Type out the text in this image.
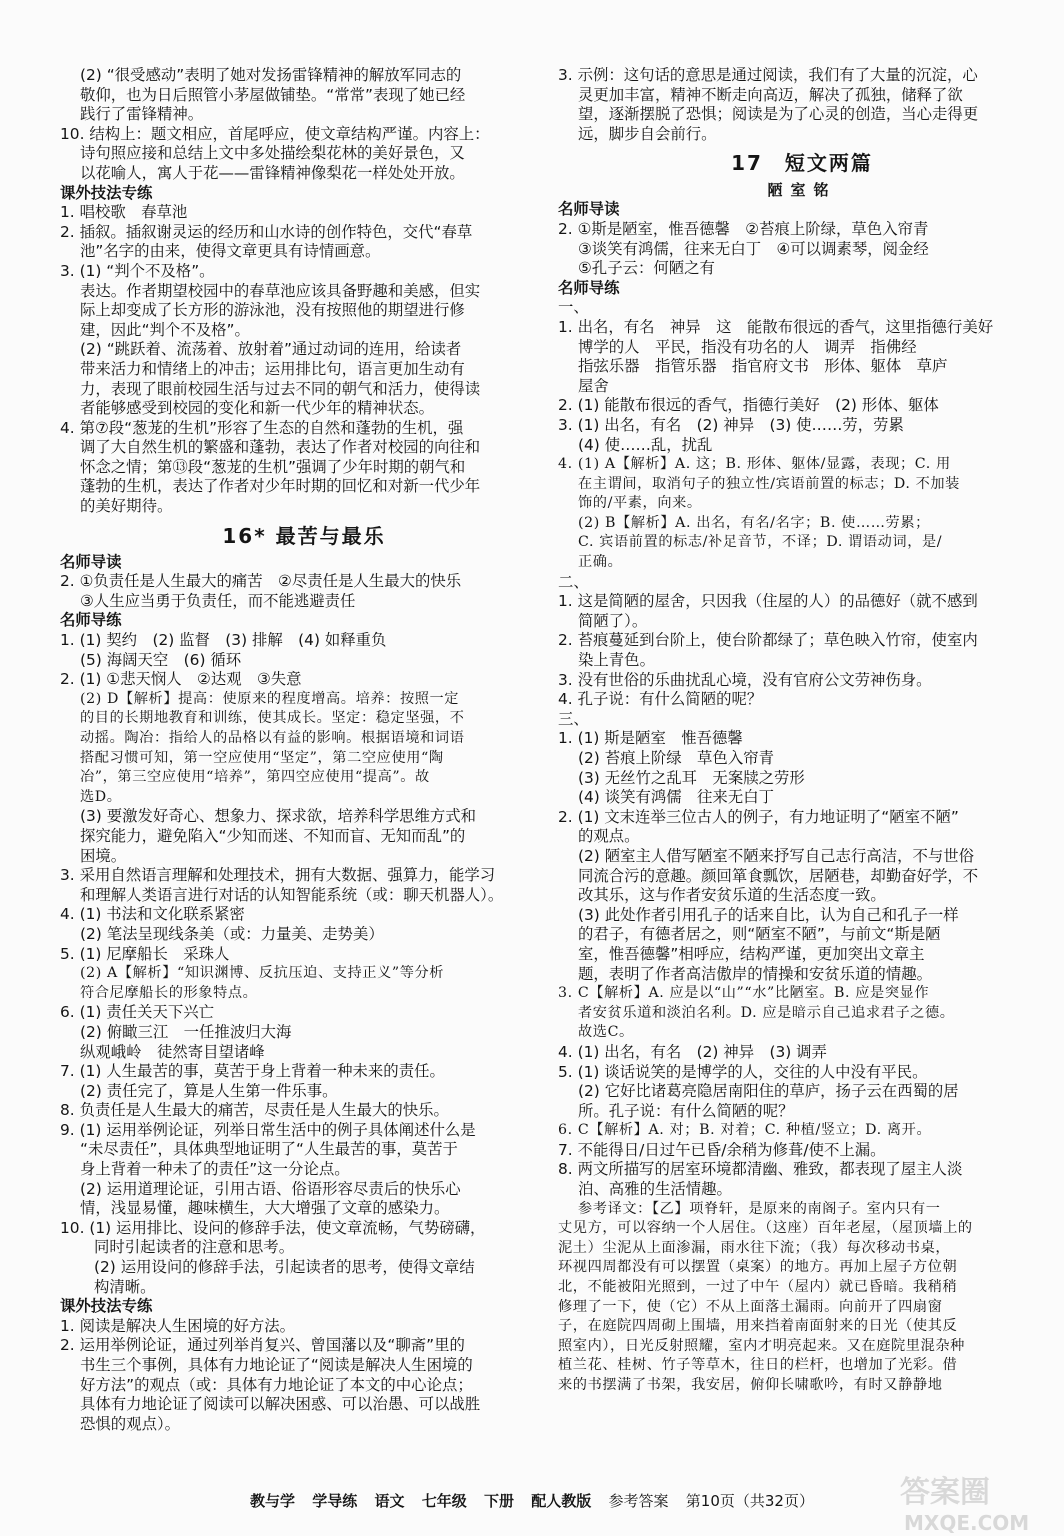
(2) “很受感动”表明了她对发扬雷锋精神的解放军同志的
敬仰，也为日后照管小茅屋做铺垫。“常常”表现了她已经
践行了雷锋精神。
10. 结构上：题文相应，首尾呼应，使文章结构严谨。内容上：
诗句照应接和总结上文中多处描绘梨花林的美好景色，又
以花喻人，寓人于花——雷锋精神像梨花一样处处开放。
课外技法专练
1. 唱校歌　春草池
2. 插叙。插叙谢灵运的经历和山水诗的创作特色，交代“春草
池”名字的由来，使得文章更具有诗情画意。
3. (1) “判个不及格”。
表达。作者期望校园中的春草池应该具备野趣和美感，但实
际上却变成了长方形的游泳池，没有按照他的期望进行修
建，因此“判个不及格”。
(2) “跳跃着、流荡着、放射着”通过动词的连用，给读者
带来活力和情绪上的冲击；运用排比句，语言更加生动有
力，表现了眼前校园生活与过去不同的朝气和活力，使得读
者能够感受到校园的变化和新一代少年的精神状态。
4. 第⑦段“葱茏的生机”形容了生态的自然和蓬勃的生机，强
调了大自然生机的繁盛和蓬勃，表达了作者对校园的向往和
怀念之情；第⑬段“葱茏的生机”强调了少年时期的朝气和
蓬勃的生机，表达了作者对少年时期的回忆和对新一代少年
的美好期待。
16* 最苦与最乐
名师导读
2. ①负责任是人生最大的痛苦　②尽责任是人生最大的快乐
③人生应当勇于负责任，而不能逃避责任
名师导练
1. (1) 契约　(2) 监督　(3) 排解　(4) 如释重负
(5) 海阔天空　(6) 循环
2. (1) ①悲天悯人　②达观　③失意
(2) D【解析】提高：使原来的程度增高。培养：按照一定
的目的长期地教育和训练，使其成长。坚定：稳定坚强，不
动摇。陶冶：指给人的品格以有益的影响。根据语境和词语
搭配习惯可知，第一空应使用“坚定”，第二空应使用“陶
冶”，第三空应使用“培养”，第四空应使用“提高”。故
选D。
(3) 要激发好奇心、想象力、探求欲，培养科学思维方式和
探究能力，避免陷入“少知而迷、不知而盲、无知而乱”的
困境。
3. 采用自然语言理解和处理技术，拥有大数据、强算力，能学习
和理解人类语言进行对话的认知智能系统（或：聊天机器人）。
4. (1) 书法和文化联系紧密
(2) 笔法呈现线条美（或：力量美、走势美）
5. (1) 尼摩船长　采珠人
(2) A【解析】“知识渊博、反抗压迫、支持正义”等分析
符合尼摩船长的形象特点。
6. (1) 责任关天下兴亡
(2) 俯瞰三江　一任推波归大海
纵观峨岭　徒然寄目望诸峰
7. (1) 人生最苦的事，莫苦于身上背着一种未来的责任。
(2) 责任完了，算是人生第一件乐事。
8. 负责任是人生最大的痛苦，尽责任是人生最大的快乐。
9. (1) 运用举例论证，列举日常生活中的例子具体阐述什么是
“未尽责任”，具体典型地证明了“人生最苦的事，莫苦于
身上背着一种未了的责任”这一分论点。
(2) 运用道理论证，引用古语、俗语形容尽责后的快乐心
情，浅显易懂，趣味横生，大大增强了文章的感染力。
10. (1) 运用排比、设问的修辞手法，使文章流畅，气势磅礴，
同时引起读者的注意和思考。
(2) 运用设问的修辞手法，引起读者的思考，使得文章结
构清晰。
课外技法专练
1. 阅读是解决人生困境的好方法。
2. 运用举例论证，通过列举肖复兴、曾国藩以及“聊斋”里的
书生三个事例，具体有力地论证了“阅读是解决人生困境的
好方法”的观点（或：具体有力地论证了本文的中心论点；
具体有力地论证了阅读可以解决困惑、可以治愚、可以战胜
恐惧的观点）。
3. 示例：这句话的意思是通过阅读，我们有了大量的沉淀，心
灵更加丰富，精神不断走向高迈，解决了孤独，储释了欲
望，逐渐摆脱了恐惧；阅读是为了心灵的创造，当心走得更
远，脚步自会前行。
17　短文两篇
陋室铭
名师导读
2. ①斯是陋室，惟吾德馨　②苔痕上阶绿，草色入帘青
③谈笑有鸿儒，往来无白丁　④可以调素琴，阅金经
⑤孔子云：何陋之有
名师导练
一、
1. 出名，有名　神异　这　能散布很远的香气，这里指德行美好
博学的人　平民，指没有功名的人　调弄　指佛经
指弦乐器　指管乐器　指官府文书　形体、躯体　草庐
屋舍
2. (1) 能散布很远的香气，指德行美好　(2) 形体、躯体
3. (1) 出名，有名　(2) 神异　(3) 使……劳，劳累
(4) 使……乱，扰乱
4. (1) A【解析】A. 这；B. 形体、躯体/显露，表现；C. 用
在主谓间，取消句子的独立性/宾语前置的标志；D. 不加装
饰的/平素，向来。
(2) B【解析】A. 出名，有名/名字；B. 使……劳累；
C. 宾语前置的标志/补足音节，不译；D. 谓语动词，是/
正确。
二、
1. 这是简陋的屋舍，只因我（住屋的人）的品德好（就不感到
简陋了）。
2. 苔痕蔓延到台阶上，使台阶都绿了；草色映入竹帘，使室内
染上青色。
3. 没有世俗的乐曲扰乱心境，没有官府公文劳神伤身。
4. 孔子说：有什么简陋的呢？
三、
1. (1) 斯是陋室　惟吾德馨
(2) 苔痕上阶绿　草色入帘青
(3) 无丝竹之乱耳　无案牍之劳形
(4) 谈笑有鸿儒　往来无白丁
2. (1) 文末连举三位古人的例子，有力地证明了“陋室不陋”
的观点。
(2) 陋室主人借写陋室不陋来抒写自己志行高洁，不与世俗
同流合污的意趣。颜回箪食瓢饮，居陋巷，却勤奋好学，不
改其乐，这与作者安贫乐道的生活态度一致。
(3) 此处作者引用孔子的话来自比，认为自己和孔子一样
的君子，有德者居之，则“陋室不陋”，与前文“斯是陋
室，惟吾德馨”相呼应，结构严谨，更加突出文章主
题，表明了作者高洁傲岸的情操和安贫乐道的情趣。
3. C【解析】A. 应是以“山”“水”比陋室。B. 应是突显作
者安贫乐道和淡泊名利。D. 应是暗示自己追求君子之德。
故选C。
4. (1) 出名，有名　(2) 神异　(3) 调弄
5. (1) 谈话说笑的是博学的人，交往的人中没有平民。
(2) 它好比诸葛亮隐居南阳住的草庐，扬子云在西蜀的居
所。孔子说：有什么简陋的呢？
6. C【解析】A. 对；B. 对着；C. 种植/竖立；D. 离开。
7. 不能得日/日过午已昏/余稍为修葺/使不上漏。
8. 两文所描写的居室环境都清幽、雅致，都表现了屋主人淡
泊、高雅的生活情趣。
参考译文：【乙】项脊轩，是原来的南阁子。室内只有一
丈见方，可以容纳一个人居住。（这座）百年老屋，（屋顶墙上的
泥土）尘泥从上面渗漏，雨水往下流；（我）每次移动书桌，
环视四周都没有可以摆置（桌案）的地方。再加上屋子方位朝
北，不能被阳光照到，一过了中午（屋内）就已昏暗。我稍稍
修理了一下，使（它）不从上面落土漏雨。向前开了四扇窗
子，在庭院四周砌上围墙，用来挡着南面射来的日光（使其反
照室内），日光反射照耀，室内才明亮起来。又在庭院里混杂种
植兰花、桂树、竹子等草木，往日的栏杆，也增加了光彩。借
来的书摆满了书架，我安居，俯仰长啸歌吟，有时又静静地
教与学 学导练 语文 七年级 下册 配人教版 参考答案 第10页（共32页）	答案圈
MXQE.COM
